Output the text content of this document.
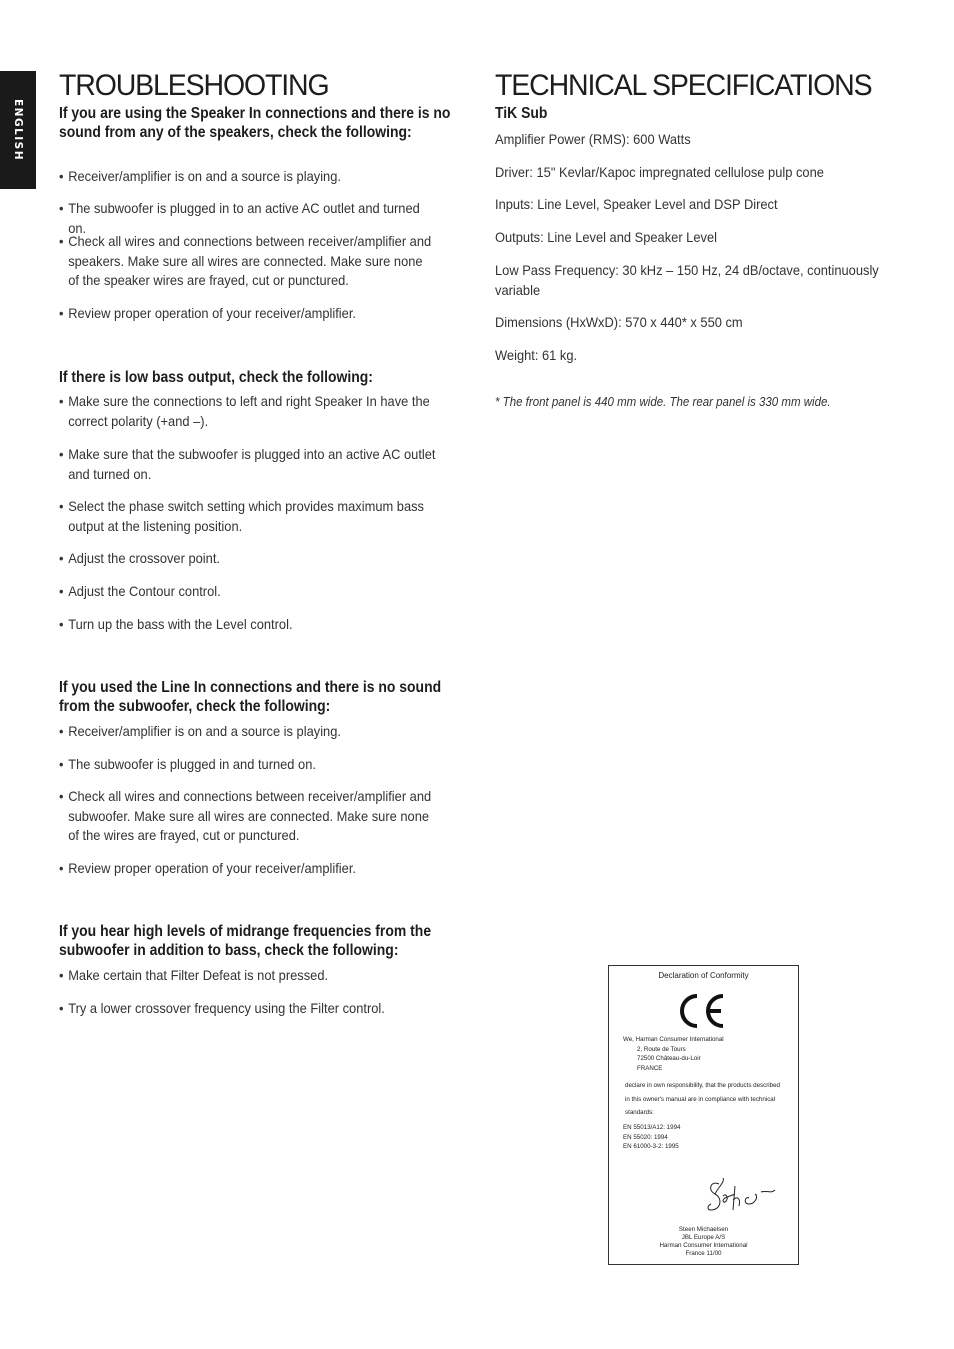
ENGLISH
TROUBLESHOOTING
If you are using the Speaker In connections and there is no sound from any of the speakers, check the following:
• Receiver/amplifier is on and a source is playing.
• The subwoofer is plugged in to an active AC outlet and turned on.
• Check all wires and connections between receiver/amplifier and speakers. Make sure all wires are connected. Make sure none of the speaker wires are frayed, cut or punctured.
• Review proper operation of your receiver/amplifier.
If there is low bass output, check the following:
• Make sure the connections to left and right Speaker In have the correct polarity (+and –).
• Make sure that the subwoofer is plugged into an active AC outlet and turned on.
• Select the phase switch setting which provides maximum bass output at the listening position.
• Adjust the crossover point.
• Adjust the Contour control.
• Turn up the bass with the Level control.
If you used the Line In connections and there is no sound from the subwoofer, check the following:
• Receiver/amplifier is on and a source is playing.
• The subwoofer is plugged in and turned on.
• Check all wires and connections between receiver/amplifier and subwoofer. Make sure all wires are connected. Make sure none of the wires are frayed, cut or punctured.
• Review proper operation of your receiver/amplifier.
If you hear high levels of midrange frequencies from the subwoofer in addition to bass, check the following:
• Make certain that Filter Defeat is not pressed.
• Try a lower crossover frequency using the Filter control.
TECHNICAL SPECIFICATIONS
TiK Sub
Amplifier Power (RMS): 600 Watts
Driver: 15" Kevlar/Kapoc impregnated cellulose pulp cone
Inputs: Line Level, Speaker Level and DSP Direct
Outputs: Line Level and Speaker Level
Low Pass Frequency: 30 kHz – 150 Hz, 24 dB/octave, continuously variable
Dimensions (HxWxD): 570 x 440* x 550 cm
Weight: 61 kg.
* The front panel is 440 mm wide. The rear panel is 330 mm wide.
Declaration of Conformity
We, Harman Consumer International
2, Route de Tours
72500 Château-du-Loir
FRANCE
declare in own responsibility, that the products described
in this owner's manual are in compliance with technical
standards:
EN 55013/A12: 1994
EN 55020: 1994
EN 61000-3-2: 1995
Steen Michaelsen
JBL Europe A/S
Harman Consumer International
France 11/00
